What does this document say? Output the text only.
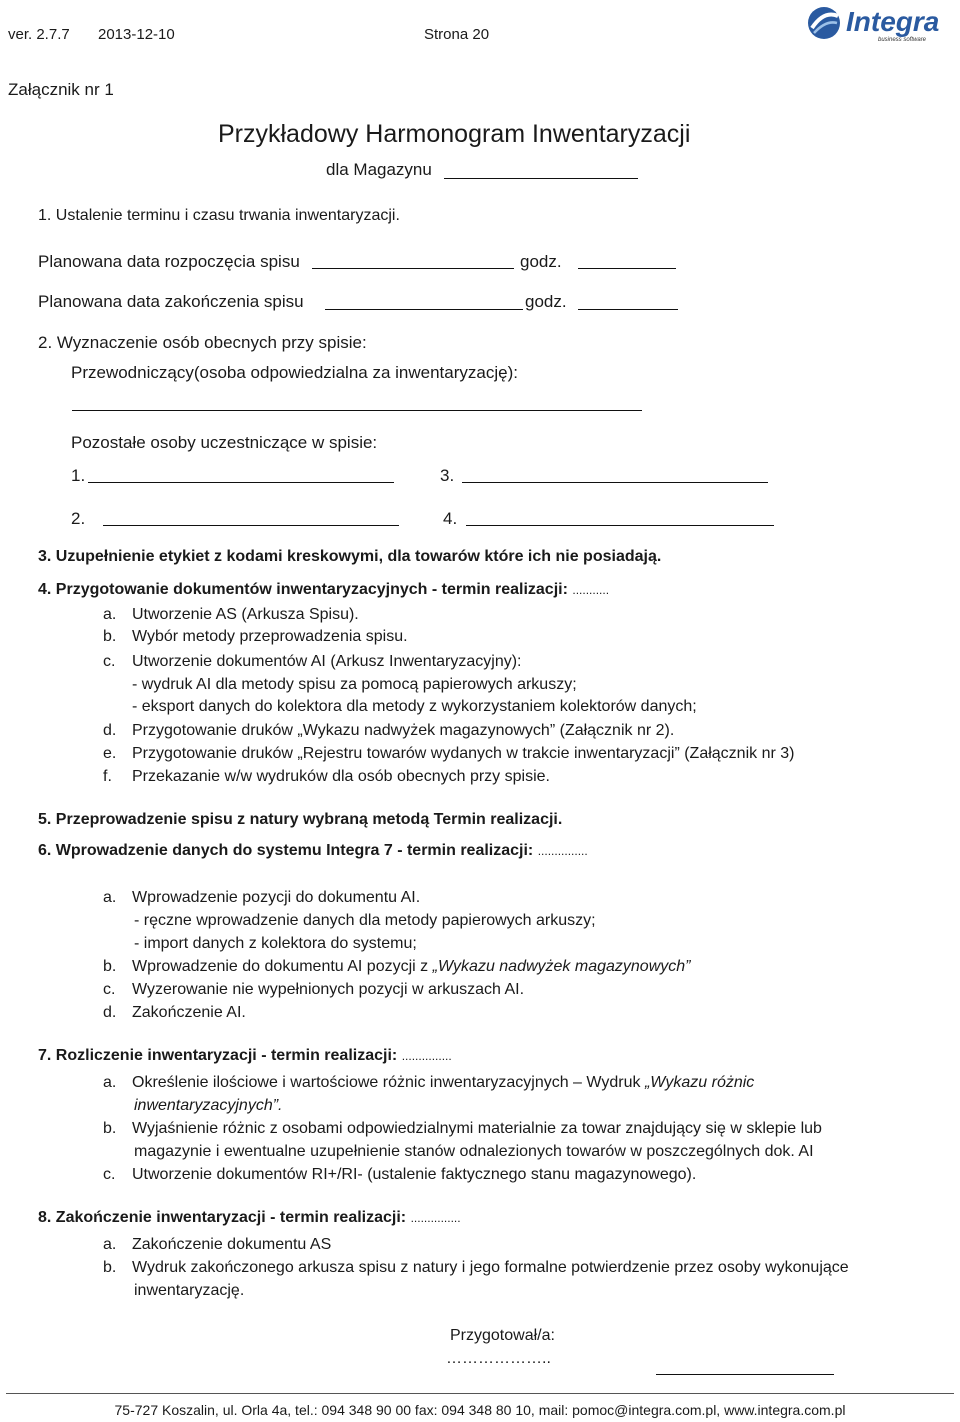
ver. 2.7.7 2013-12-10	Strona 20	Integra
business software
Załącznik nr 1
Przykładowy Harmonogram Inwentaryzacji
dla Magazynu
1. Ustalenie terminu i czasu trwania inwentaryzacji.
Planowana data rozpoczęcia spisu	godz.
Planowana data zakończenia spisu	godz.
2. Wyznaczenie osób obecnych przy spisie:
Przewodniczący(osoba odpowiedzialna za inwentaryzację):
Pozostałe osoby uczestniczące w spisie:
1.	3.
2.	4.
3. Uzupełnienie etykiet z kodami kreskowymi, dla towarów które ich nie posiadają.
4. Przygotowanie dokumentów inwentaryzacyjnych - termin realizacji: ...........
a. Utworzenie AS (Arkusza Spisu).
b. Wybór metody przeprowadzenia spisu.
c. Utworzenie dokumentów AI (Arkusz Inwentaryzacyjny):
- wydruk AI dla metody spisu za pomocą papierowych arkuszy;
- eksport danych do kolektora dla metody z wykorzystaniem kolektorów danych;
d. Przygotowanie druków „Wykazu nadwyżek magazynowych” (Załącznik nr 2).
e. Przygotowanie druków „Rejestru towarów wydanych w trakcie inwentaryzacji” (Załącznik nr 3)
f. Przekazanie w/w wydruków dla osób obecnych przy spisie.
5. Przeprowadzenie spisu z natury wybraną metodą Termin realizacji.
6. Wprowadzenie danych do systemu Integra 7 - termin realizacji: ...............
a. Wprowadzenie pozycji do dokumentu AI.
- ręczne wprowadzenie danych dla metody papierowych arkuszy;
- import danych z kolektora do systemu;
b. Wprowadzenie do dokumentu AI pozycji z „Wykazu nadwyżek magazynowych”
c. Wyzerowanie nie wypełnionych pozycji w arkuszach AI.
d. Zakończenie AI.
7. Rozliczenie inwentaryzacji - termin realizacji: ...............
a. Określenie ilościowe i wartościowe różnic inwentaryzacyjnych – Wydruk „Wykazu różnic
inwentaryzacyjnych”.
b. Wyjaśnienie różnic z osobami odpowiedzialnymi materialnie za towar znajdujący się w sklepie lub
magazynie i ewentualne uzupełnienie stanów odnalezionych towarów w poszczególnych dok. AI
c. Utworzenie dokumentów RI+/RI- (ustalenie faktycznego stanu magazynowego).
8. Zakończenie inwentaryzacji - termin realizacji: ...............
a. Zakończenie dokumentu AS
b. Wydruk zakończonego arkusza spisu z natury i jego formalne potwierdzenie przez osoby wykonujące
inwentaryzację.
Przygotował/a:
………………..
75-727 Koszalin, ul. Orla 4a, tel.: 094 348 90 00 fax: 094 348 80 10, mail: pomoc@integra.com.pl, www.integra.com.pl
